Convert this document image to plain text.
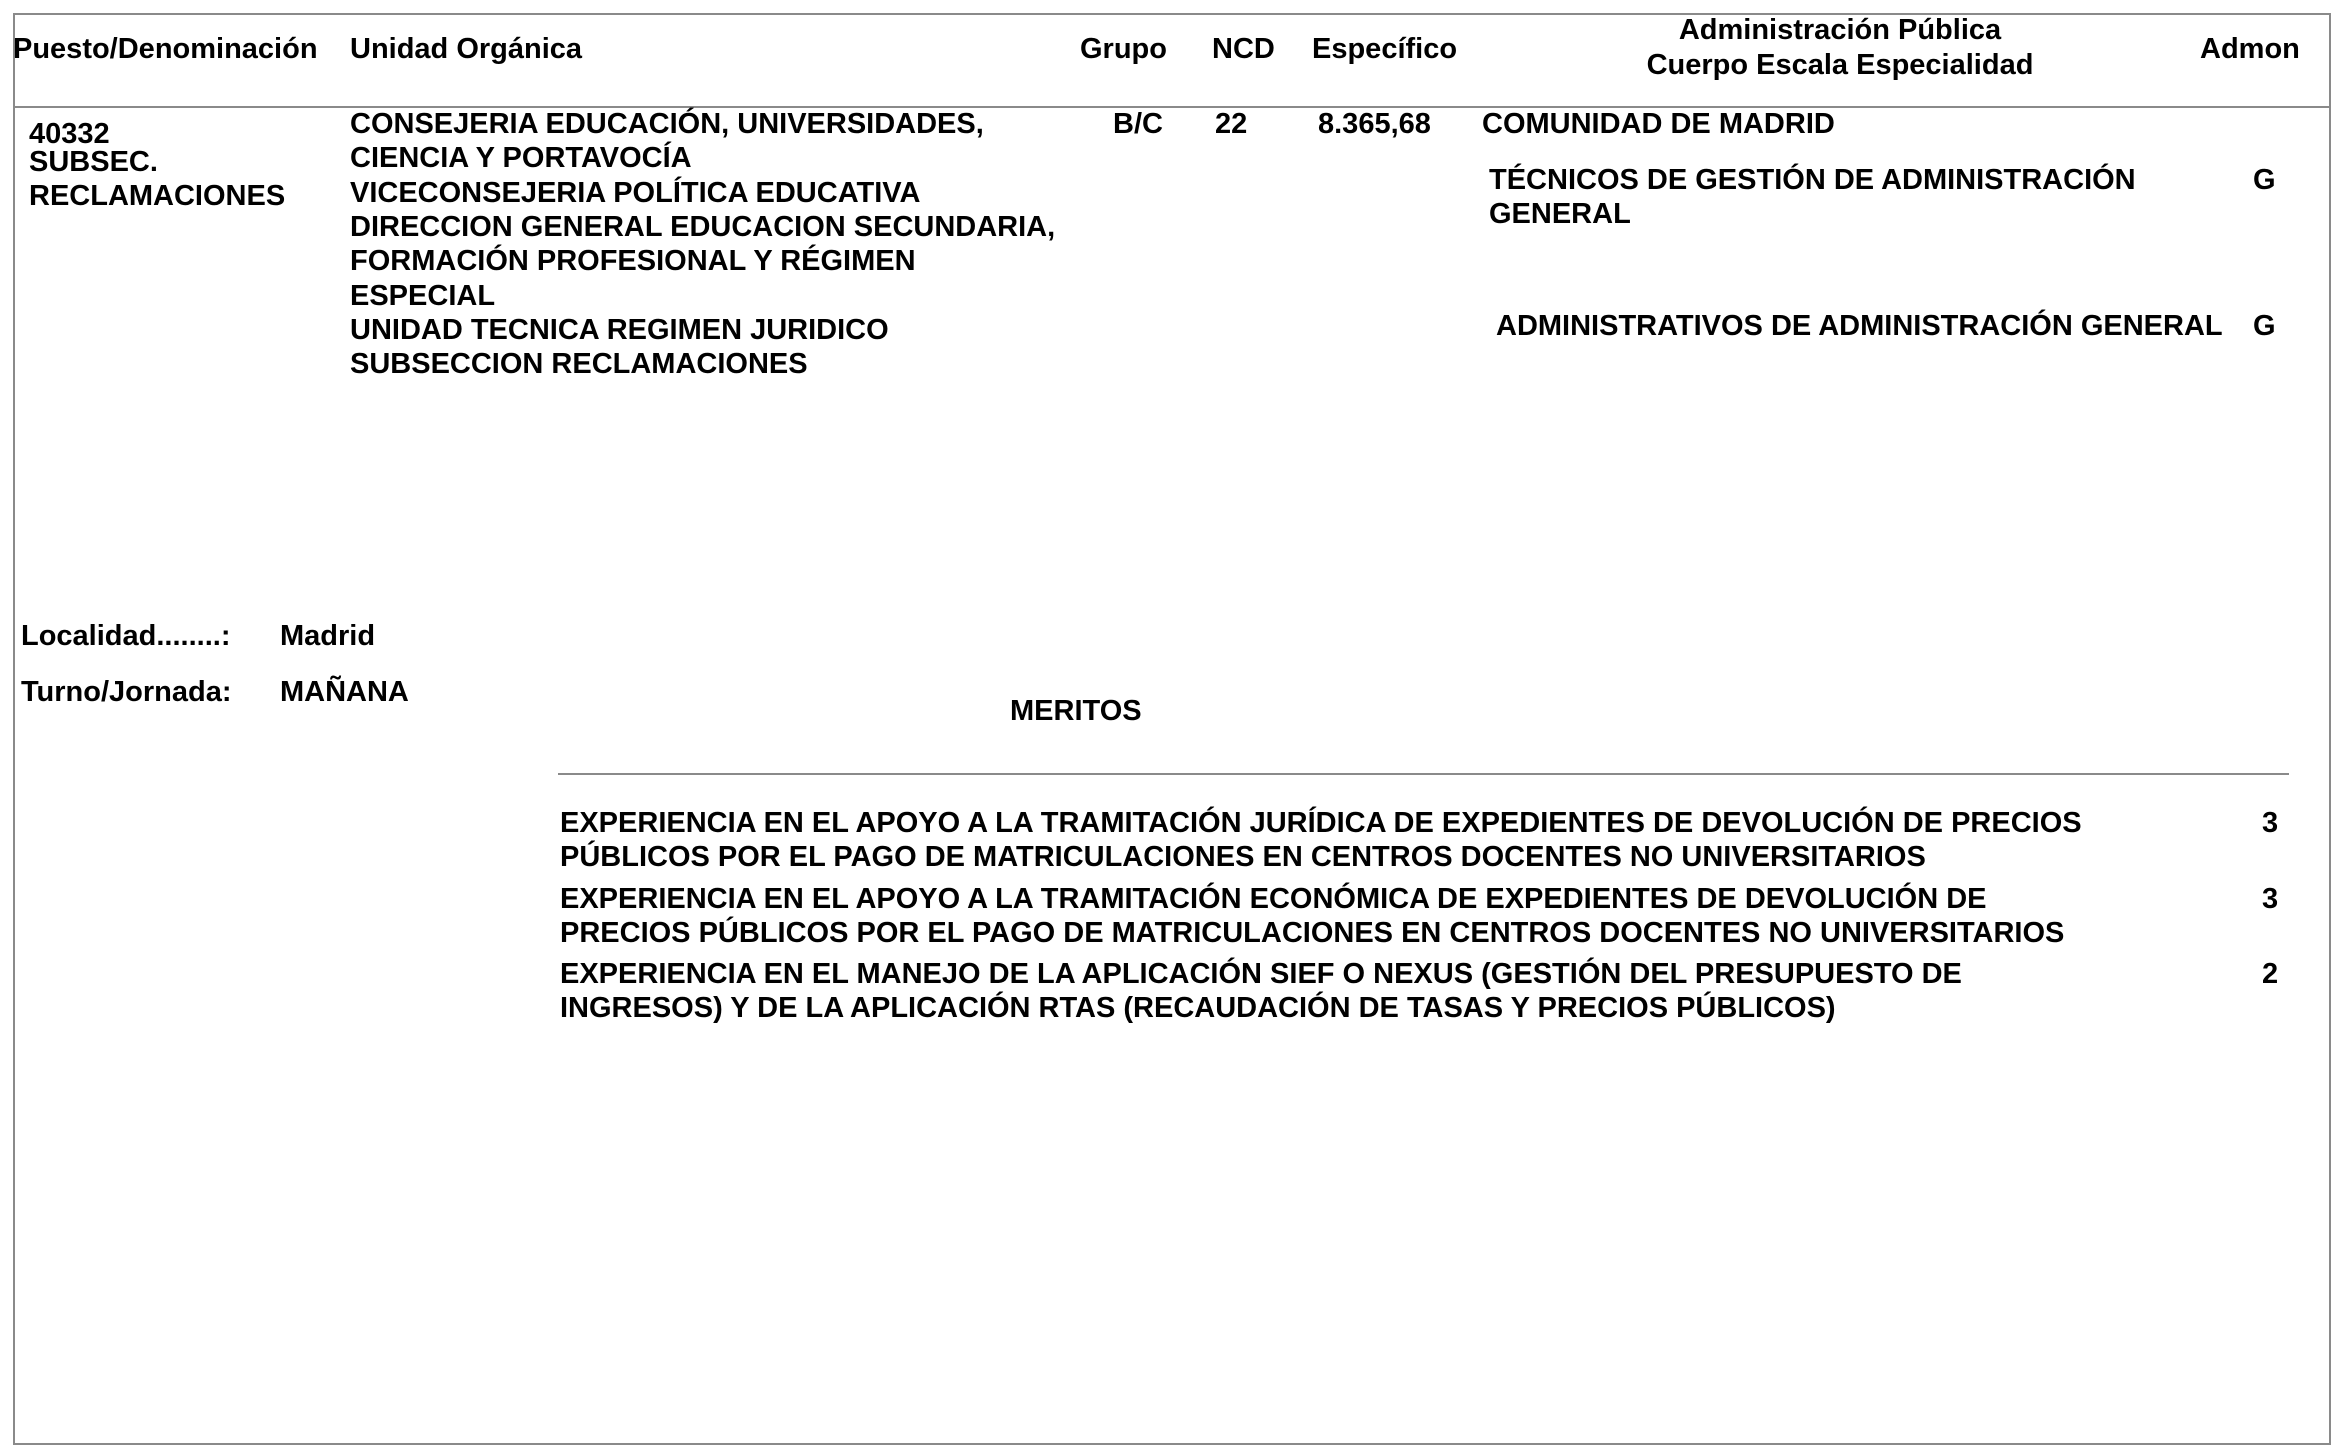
Puesto/Denominación Unidad Orgánica	Grupo NCD Específico
Administración Pública
Cuerpo Escala Especialidad	Admon
40332
SUBSEC.
RECLAMACIONES
CONSEJERIA EDUCACIÓN, UNIVERSIDADES,
CIENCIA Y PORTAVOCÍA
VICECONSEJERIA POLÍTICA EDUCATIVA
DIRECCION GENERAL EDUCACION SECUNDARIA,
FORMACIÓN PROFESIONAL Y RÉGIMEN
ESPECIAL
UNIDAD TECNICA REGIMEN JURIDICO
SUBSECCION RECLAMACIONES
B/C 22 8.365,68 COMUNIDAD DE MADRID
TÉCNICOS DE GESTIÓN DE ADMINISTRACIÓN
GENERAL
G
ADMINISTRATIVOS DE ADMINISTRACIÓN GENERAL G
Localidad........: Madrid
Turno/Jornada: MAÑANA
MERITOS
EXPERIENCIA EN EL APOYO A LA TRAMITACIÓN JURÍDICA DE EXPEDIENTES DE DEVOLUCIÓN DE PRECIOS
PÚBLICOS POR EL PAGO DE MATRICULACIONES EN CENTROS DOCENTES NO UNIVERSITARIOS
3
EXPERIENCIA EN EL APOYO A LA TRAMITACIÓN ECONÓMICA DE EXPEDIENTES DE DEVOLUCIÓN DE
PRECIOS PÚBLICOS POR EL PAGO DE MATRICULACIONES EN CENTROS DOCENTES NO UNIVERSITARIOS
3
EXPERIENCIA EN EL MANEJO DE LA APLICACIÓN SIEF O NEXUS (GESTIÓN DEL PRESUPUESTO DE
INGRESOS) Y DE LA APLICACIÓN RTAS (RECAUDACIÓN DE TASAS Y PRECIOS PÚBLICOS)
2
